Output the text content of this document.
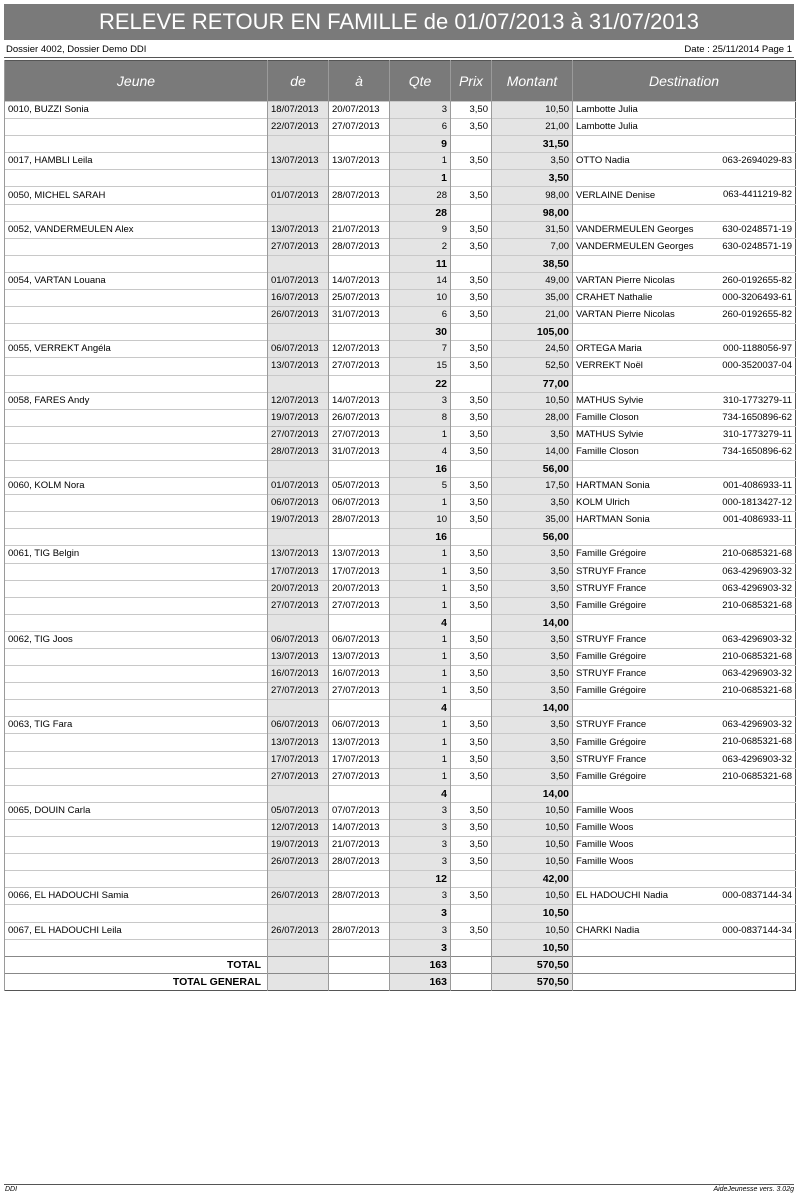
RELEVE RETOUR EN FAMILLE de 01/07/2013 à 31/07/2013
Dossier 4002, Dossier Demo DDI	Date : 25/11/2014 Page 1
Jeune	de	à	Qte	Prix	Montant	Destination
0010, BUZZI Sonia	18/07/2013	20/07/2013	3	3,50	10,50	Lambotte Julia
	22/07/2013	27/07/2013	6	3,50	21,00	Lambotte Julia
			9		31,50	
0017, HAMBLI Leila	13/07/2013	13/07/2013	1	3,50	3,50	OTTO Nadia 063-2694029-83

			1		3,50	
0050, MICHEL SARAH	01/07/2013	28/07/2013	28	3,50	98,00	VERLAINE Denise 063-4411219-82

			28		98,00	
0052, VANDERMEULEN Alex	13/07/2013	21/07/2013	9	3,50	31,50	VANDERMEULEN Georges 630-0248571-19

	27/07/2013	28/07/2013	2	3,50	7,00	VANDERMEULEN Georges 630-0248571-19

			11		38,50	
0054, VARTAN Louana	01/07/2013	14/07/2013	14	3,50	49,00	VARTAN Pierre Nicolas 260-0192655-82

	16/07/2013	25/07/2013	10	3,50	35,00	CRAHET Nathalie 000-3206493-61

	26/07/2013	31/07/2013	6	3,50	21,00	VARTAN Pierre Nicolas 260-0192655-82

			30		105,00	
0055, VERREKT Angéla	06/07/2013	12/07/2013	7	3,50	24,50	ORTEGA Maria 000-1188056-97

	13/07/2013	27/07/2013	15	3,50	52,50	VERREKT Noël 000-3520037-04

			22		77,00	
0058, FARES Andy	12/07/2013	14/07/2013	3	3,50	10,50	MATHUS Sylvie 310-1773279-11

	19/07/2013	26/07/2013	8	3,50	28,00	Famille Closon 734-1650896-62

	27/07/2013	27/07/2013	1	3,50	3,50	MATHUS Sylvie 310-1773279-11

	28/07/2013	31/07/2013	4	3,50	14,00	Famille Closon 734-1650896-62

			16		56,00	
0060, KOLM Nora	01/07/2013	05/07/2013	5	3,50	17,50	HARTMAN Sonia 001-4086933-11

	06/07/2013	06/07/2013	1	3,50	3,50	KOLM Ulrich 000-1813427-12

	19/07/2013	28/07/2013	10	3,50	35,00	HARTMAN Sonia 001-4086933-11

			16		56,00	
0061, TIG Belgin	13/07/2013	13/07/2013	1	3,50	3,50	Famille Grégoire 210-0685321-68

	17/07/2013	17/07/2013	1	3,50	3,50	STRUYF France 063-4296903-32

	20/07/2013	20/07/2013	1	3,50	3,50	STRUYF France 063-4296903-32

	27/07/2013	27/07/2013	1	3,50	3,50	Famille Grégoire 210-0685321-68

			4		14,00	
0062, TIG Joos	06/07/2013	06/07/2013	1	3,50	3,50	STRUYF France 063-4296903-32

	13/07/2013	13/07/2013	1	3,50	3,50	Famille Grégoire 210-0685321-68

	16/07/2013	16/07/2013	1	3,50	3,50	STRUYF France 063-4296903-32

	27/07/2013	27/07/2013	1	3,50	3,50	Famille Grégoire 210-0685321-68

			4		14,00	
0063, TIG Fara	06/07/2013	06/07/2013	1	3,50	3,50	STRUYF France 063-4296903-32

	13/07/2013	13/07/2013	1	3,50	3,50	Famille Grégoire 210-0685321-68

	17/07/2013	17/07/2013	1	3,50	3,50	STRUYF France 063-4296903-32

	27/07/2013	27/07/2013	1	3,50	3,50	Famille Grégoire 210-0685321-68

			4		14,00	
0065, DOUIN Carla	05/07/2013	07/07/2013	3	3,50	10,50	Famille Woos
	12/07/2013	14/07/2013	3	3,50	10,50	Famille Woos
	19/07/2013	21/07/2013	3	3,50	10,50	Famille Woos
	26/07/2013	28/07/2013	3	3,50	10,50	Famille Woos
			12		42,00	
0066, EL HADOUCHI Samia	26/07/2013	28/07/2013	3	3,50	10,50	EL HADOUCHI Nadia 000-0837144-34

			3		10,50	
0067, EL HADOUCHI Leila	26/07/2013	28/07/2013	3	3,50	10,50	CHARKI Nadia 000-0837144-34

			3		10,50	
TOTAL			163		570,50	
TOTAL GENERAL			163		570,50	
DDI	AideJeunesse vers. 3.02g
